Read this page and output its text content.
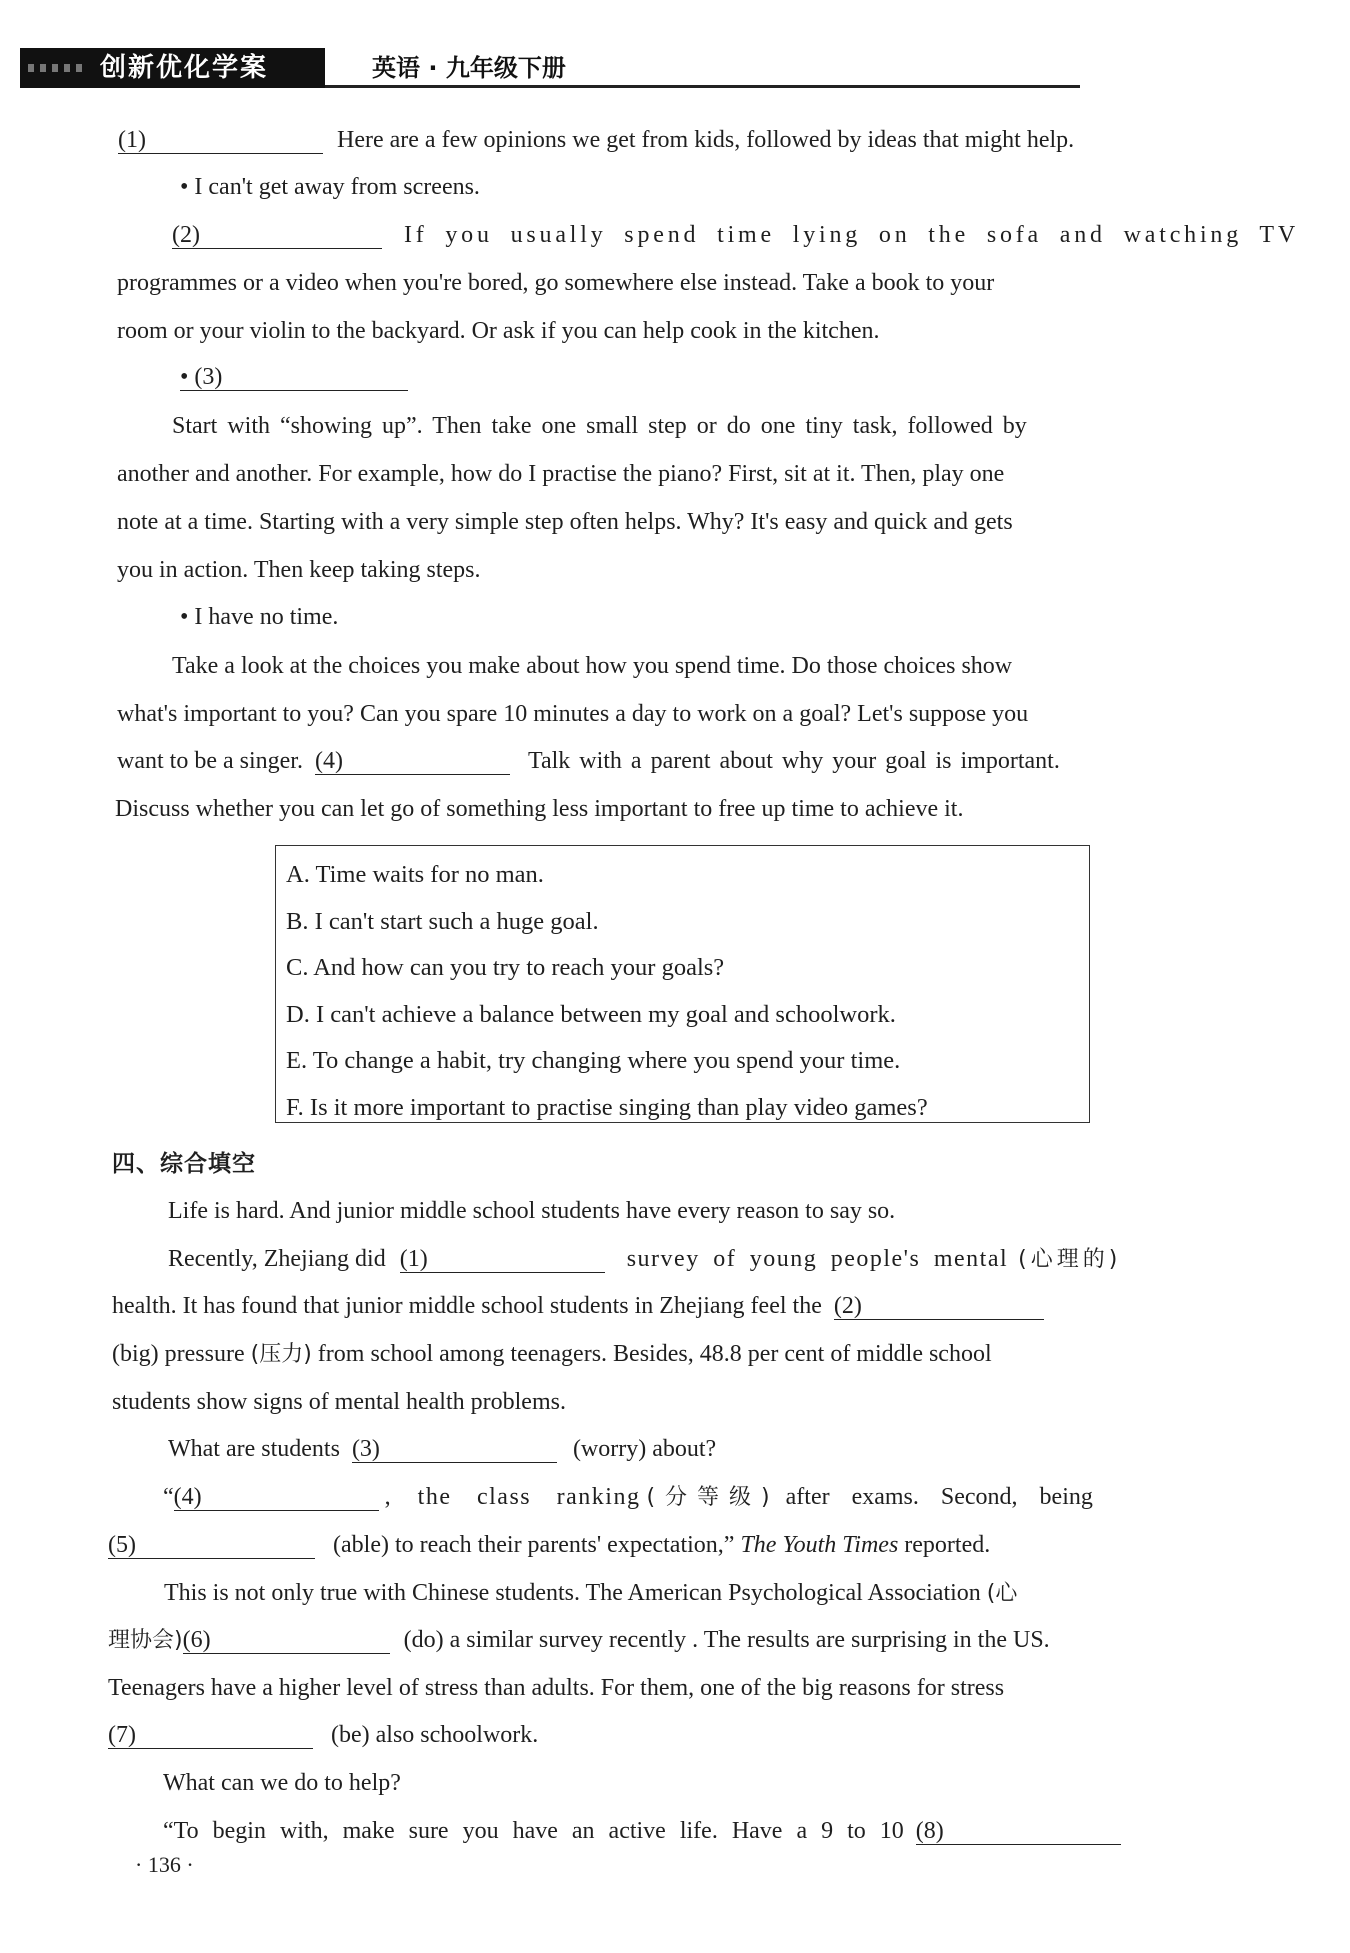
创新优化学案	英语 · 九年级下册
(1)	Here are a few opinions we get from kids, followed by ideas that might help.
• I can't get away from screens.
(2)	If you usually spend time lying on the sofa and watching TV
programmes or a video when you're bored, go somewhere else instead. Take a book to your
room or your violin to the backyard. Or ask if you can help cook in the kitchen.
• (3)
Start with “showing up”. Then take one small step or do one tiny task, followed by
another and another. For example, how do I practise the piano? First, sit at it. Then, play one
note at a time. Starting with a very simple step often helps. Why? It's easy and quick and gets
you in action. Then keep taking steps.
• I have no time.
Take a look at the choices you make about how you spend time. Do those choices show
what's important to you? Can you spare 10 minutes a day to work on a goal? Let's suppose you
want to be a singer. (4)	Talk with a parent about why your goal is important.
Discuss whether you can let go of something less important to free up time to achieve it.
A. Time waits for no man.
B. I can't start such a huge goal.
C. And how can you try to reach your goals?
D. I can't achieve a balance between my goal and schoolwork.
E. To change a habit, try changing where you spend your time.
F. Is it more important to practise singing than play video games?
四、综合填空
Life is hard. And junior middle school students have every reason to say so.
Recently, Zhejiang did (1)	survey of young people's mental (心理的)
health. It has found that junior middle school students in Zhejiang feel the (2)
(big) pressure (压力) from school among teenagers. Besides, 48.8 per cent of middle school
students show signs of mental health problems.
What are students (3)	(worry) about?
“(4)	, the class ranking (分等级) after exams. Second, being
(5)	(able) to reach their parents' expectation,” The Youth Times reported.
This is not only true with Chinese students. The American Psychological Association (心
理协会)(6)	(do) a similar survey recently . The results are surprising in the US.
Teenagers have a higher level of stress than adults. For them, one of the big reasons for stress
(7)	(be) also schoolwork.
What can we do to help?
“To begin with, make sure you have an active life. Have a 9 to 10 (8)
· 136 ·
